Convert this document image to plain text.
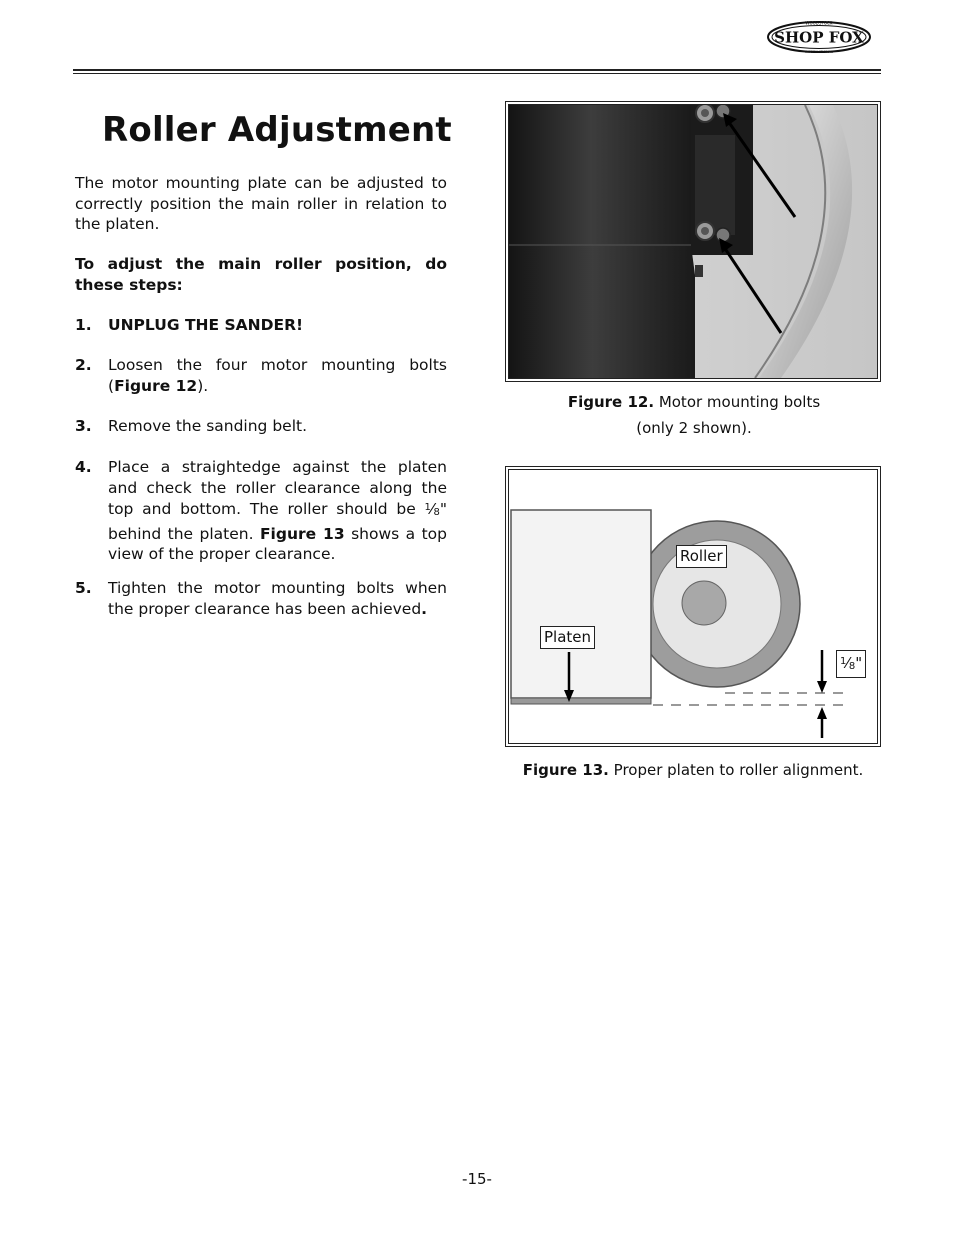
SHOP FOX
WOODSTOCK
INTERNATIONAL
Roller Adjustment

The motor mounting plate can be adjusted to correctly position the main roller in relation to the platen.

To adjust the main roller position, do these steps:

1. UNPLUG THE SANDER!
2. Loosen the four motor mounting bolts (Figure 12).
3. Remove the sanding belt.
4. Place a straightedge against the platen and check the roller clearance along the top and bottom. The roller should be $^1$⁄8" behind the platen. Figure 13 shows a top view of the proper clearance.
5. Tighten the motor mounting bolts when the proper clearance has been achieved.
Figure 12. Motor mounting bolts
(only 2 shown).
Roller
Platen
$^1$⁄8"
Figure 13. Proper platen to roller alignment.
-15-
